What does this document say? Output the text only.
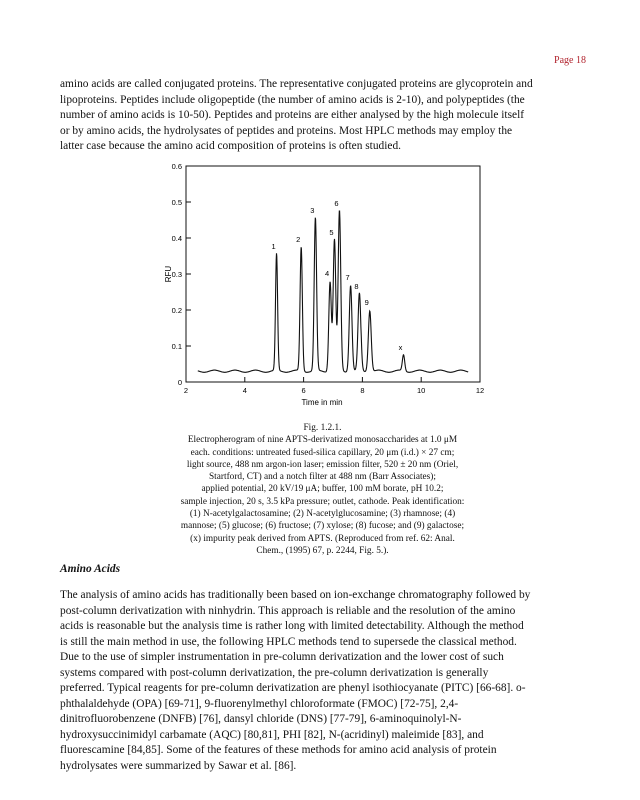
Page 18

amino acids are called conjugated proteins. The representative conjugated proteins are glycoprotein and
lipoproteins. Peptides include oligopeptide (the number of amino acids is 2-10), and polypeptides (the
number of amino acids is 10-50). Peptides and proteins are either analysed by the high molecule itself
or by amino acids, the hydrolysates of peptides and proteins. Most HPLC methods may employ the
latter case because the amino acid composition of proteins is often studied.

0
0.1
0.2
0.3
0.4
0.5
0.6
2	4	6	8	10	12
1
2
3
4
5
6
7
8
9
x
RFU
Time in min
Fig. 1.2.1.
Electropherogram of nine APTS-derivatized monosaccharides at 1.0 μM
each. conditions: untreated fused-silica capillary, 20 μm (i.d.) × 27 cm;
light source, 488 nm argon-ion laser; emission filter, 520 ± 20 nm (Oriel,
Startford, CT) and a notch filter at 488 nm (Barr Associates);
applied potential, 20 kV/19 μA; buffer, 100 mM borate, pH 10.2;
sample injection, 20 s, 3.5 kPa pressure; outlet, cathode. Peak identification:
(1) N-acetylgalactosamine; (2) N-acetylglucosamine; (3) rhamnose; (4)
mannose; (5) glucose; (6) fructose; (7) xylose; (8) fucose; and (9) galactose;
(x) impurity peak derived from APTS. (Reproduced from ref. 62: Anal.
Chem., (1995) 67, p. 2244, Fig. 5.).

Amino Acids

The analysis of amino acids has traditionally been based on ion-exchange chromatography followed by
post-column derivatization with ninhydrin. This approach is reliable and the resolution of the amino
acids is reasonable but the analysis time is rather long with limited detectability. Although the method
is still the main method in use, the following HPLC methods tend to supersede the classical method.
Due to the use of simpler instrumentation in pre-column derivatization and the lower cost of such
systems compared with post-column derivatization, the pre-column derivatization is generally
preferred. Typical reagents for pre-column derivatization are phenyl isothiocyanate (PITC) [66-68]. o-
phthalaldehyde (OPA) [69-71], 9-fluorenylmethyl chloroformate (FMOC) [72-75], 2,4-
dinitrofluorobenzene (DNFB) [76], dansyl chloride (DNS) [77-79], 6-aminoquinolyl-N-
hydroxysuccinimidyl carbamate (AQC) [80,81], PHI [82], N-(acridinyl) maleimide [83], and
fluorescamine [84,85]. Some of the features of these methods for amino acid analysis of protein
hydrolysates were summarized by Sawar et al. [86].
